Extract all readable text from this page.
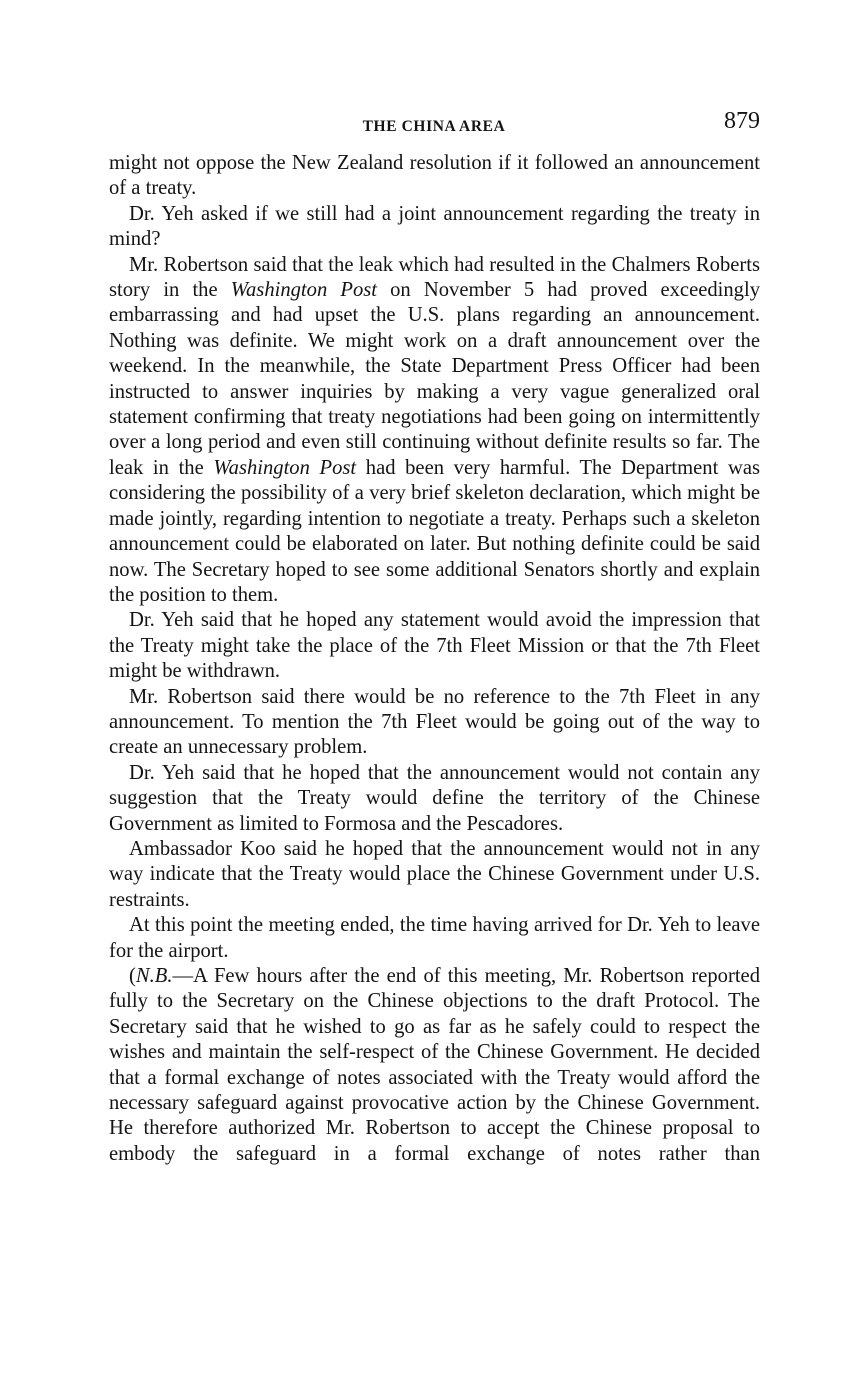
THE CHINA AREA	879

might not oppose the New Zealand resolution if it followed an announcement of a treaty.

Dr. Yeh asked if we still had a joint announcement regarding the treaty in mind?

Mr. Robertson said that the leak which had resulted in the Chalmers Roberts story in the Washington Post on November 5 had proved exceedingly embarrassing and had upset the U.S. plans regarding an announcement. Nothing was definite. We might work on a draft announcement over the weekend. In the meanwhile, the State Department Press Officer had been instructed to answer inquiries by making a very vague generalized oral statement confirming that treaty negotiations had been going on intermittently over a long period and even still continuing without definite results so far. The leak in the Washington Post had been very harmful. The Department was considering the possibility of a very brief skeleton declaration, which might be made jointly, regarding intention to negotiate a treaty. Perhaps such a skeleton announcement could be elaborated on later. But nothing definite could be said now. The Secretary hoped to see some additional Senators shortly and explain the position to them.

Dr. Yeh said that he hoped any statement would avoid the impression that the Treaty might take the place of the 7th Fleet Mission or that the 7th Fleet might be withdrawn.

Mr. Robertson said there would be no reference to the 7th Fleet in any announcement. To mention the 7th Fleet would be going out of the way to create an unnecessary problem.

Dr. Yeh said that he hoped that the announcement would not contain any suggestion that the Treaty would define the territory of the Chinese Government as limited to Formosa and the Pescadores.

Ambassador Koo said he hoped that the announcement would not in any way indicate that the Treaty would place the Chinese Government under U.S. restraints.

At this point the meeting ended, the time having arrived for Dr. Yeh to leave for the airport.

(N.B.—A Few hours after the end of this meeting, Mr. Robertson reported fully to the Secretary on the Chinese objections to the draft Protocol. The Secretary said that he wished to go as far as he safely could to respect the wishes and maintain the self-respect of the Chinese Government. He decided that a formal exchange of notes associated with the Treaty would afford the necessary safeguard against provocative action by the Chinese Government. He therefore authorized Mr. Robertson to accept the Chinese proposal to embody the safeguard in a formal exchange of notes rather than
